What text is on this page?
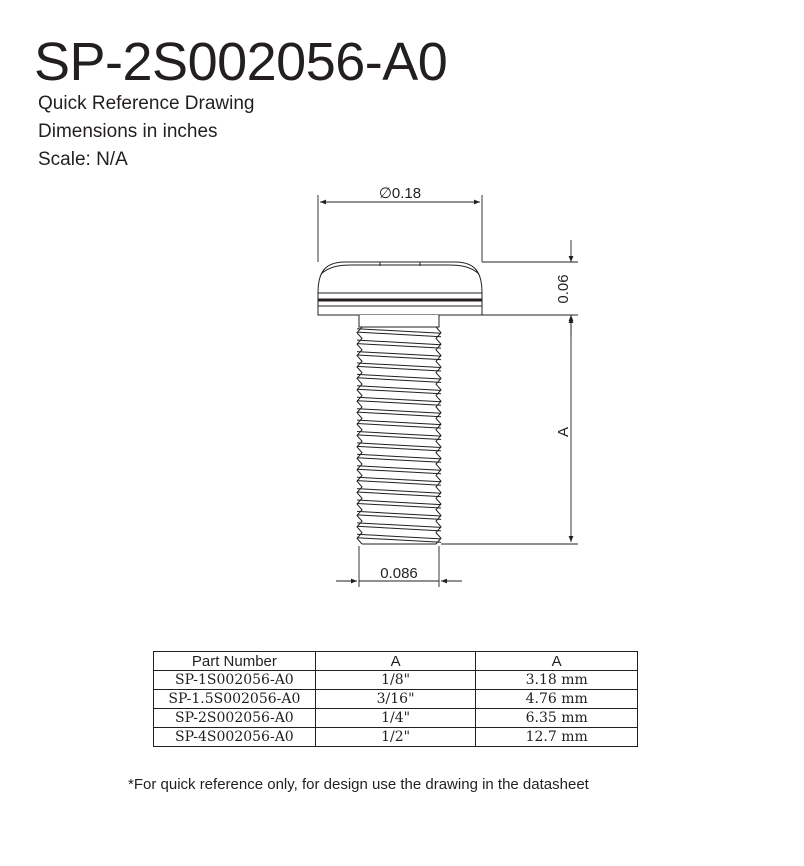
SP-2S002056-A0
Quick Reference Drawing
Dimensions in inches
Scale: N/A
∅0.18
0.06
A
0.086
Part Number	A	A
SP-1S002056-A0	1/8"	3.18 mm
SP-1.5S002056-A0	3/16"	4.76 mm
SP-2S002056-A0	1/4"	6.35 mm
SP-4S002056-A0	1/2"	12.7 mm
*For quick reference only, for design use the drawing in the datasheet
